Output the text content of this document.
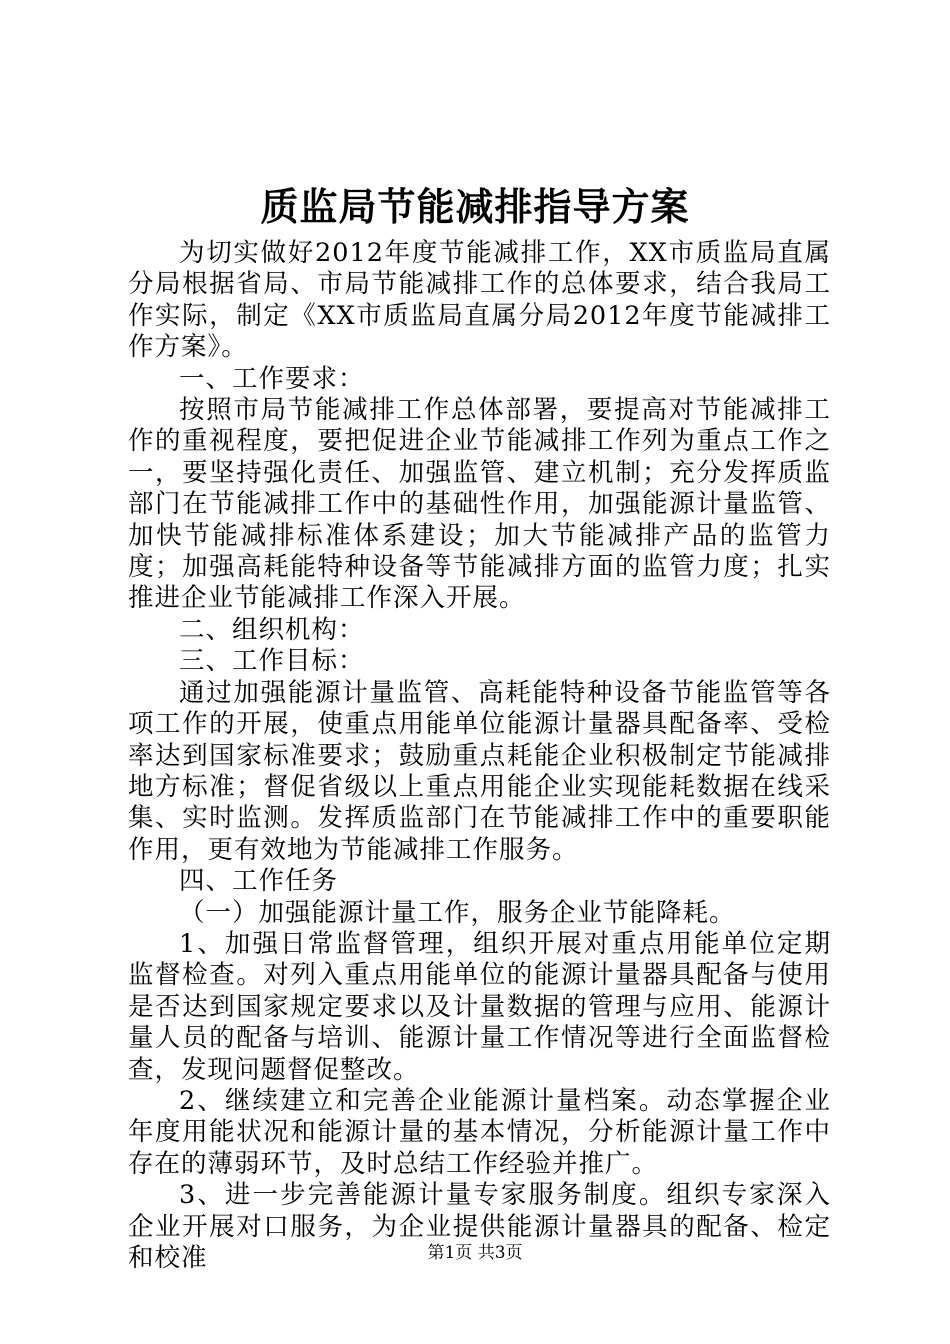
质监局节能减排指导方案

为切实做好2012年度节能减排工作，XX市质监局直属分局根据省局、市局节能减排工作的总体要求，结合我局工作实际，制定《XX市质监局直属分局2012年度节能减排工作方案》。

一、工作要求：

按照市局节能减排工作总体部署，要提高对节能减排工作的重视程度，要把促进企业节能减排工作列为重点工作之一，要坚持强化责任、加强监管、建立机制；充分发挥质监部门在节能减排工作中的基础性作用，加强能源计量监管、加快节能减排标准体系建设；加大节能减排产品的监管力度；加强高耗能特种设备等节能减排方面的监管力度；扎实推进企业节能减排工作深入开展。

二、组织机构：

三、工作目标：

通过加强能源计量监管、高耗能特种设备节能监管等各项工作的开展，使重点用能单位能源计量器具配备率、受检率达到国家标准要求；鼓励重点耗能企业积极制定节能减排地方标准；督促省级以上重点用能企业实现能耗数据在线采集、实时监测。发挥质监部门在节能减排工作中的重要职能作用，更有效地为节能减排工作服务。

四、工作任务

（一）加强能源计量工作，服务企业节能降耗。

1、加强日常监督管理，组织开展对重点用能单位定期监督检查。对列入重点用能单位的能源计量器具配备与使用是否达到国家规定要求以及计量数据的管理与应用、能源计量人员的配备与培训、能源计量工作情况等进行全面监督检查，发现问题督促整改。

2、继续建立和完善企业能源计量档案。动态掌握企业年度用能状况和能源计量的基本情况，分析能源计量工作中存在的薄弱环节，及时总结工作经验并推广。

3、进一步完善能源计量专家服务制度。组织专家深入企业开展对口服务，为企业提供能源计量器具的配备、检定和校准	第1页 共3页
